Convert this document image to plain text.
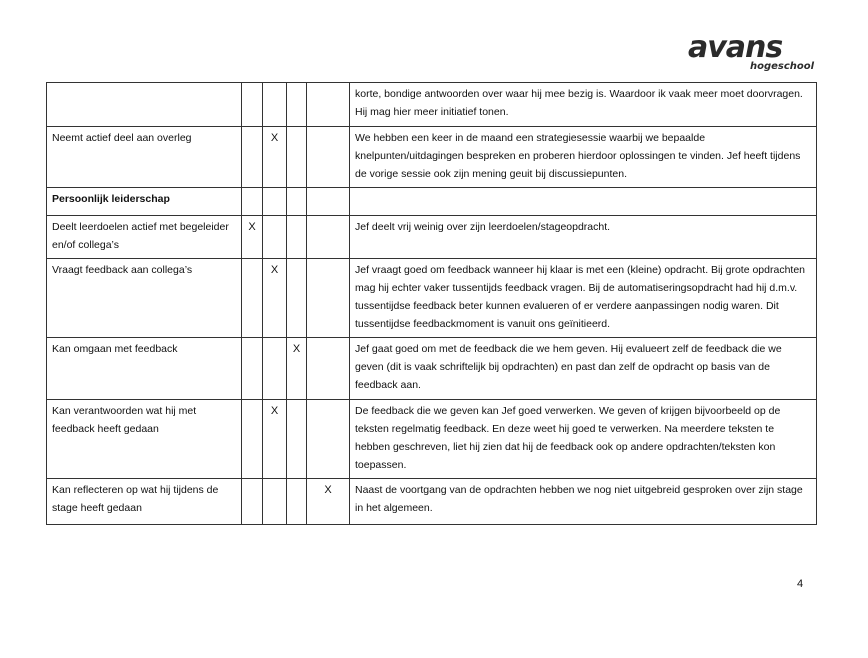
avans
hogeschool
					korte, bondige antwoorden over waar hij mee bezig is. Waardoor ik vaak meer moet doorvragen. Hij mag hier meer initiatief tonen.
Neemt actief deel aan overleg		X			We hebben een keer in de maand een strategiesessie waarbij we bepaalde knelpunten/uitdagingen bespreken en proberen hierdoor oplossingen te vinden. Jef heeft tijdens de vorige sessie ook zijn mening geuit bij discussiepunten.
Persoonlijk leiderschap					
Deelt leerdoelen actief met begeleider en/of collega’s	X				Jef deelt vrij weinig over zijn leerdoelen/stageopdracht.
Vraagt feedback aan collega’s		X			Jef vraagt goed om feedback wanneer hij klaar is met een (kleine) opdracht. Bij grote opdrachten mag hij echter vaker tussentijds feedback vragen. Bij de automatiseringsopdracht had hij d.m.v. tussentijdse feedback beter kunnen evalueren of er verdere aanpassingen nodig waren. Dit tussentijdse feedbackmoment is vanuit ons geïnitieerd.
Kan omgaan met feedback			X		Jef gaat goed om met de feedback die we hem geven. Hij evalueert zelf de feedback die we geven (dit is vaak schriftelijk bij opdrachten) en past dan zelf de opdracht op basis van de feedback aan.
Kan verantwoorden wat hij met feedback heeft gedaan		X			De feedback die we geven kan Jef goed verwerken. We geven of krijgen bijvoorbeeld op de teksten regelmatig feedback. En deze weet hij goed te verwerken. Na meerdere teksten te hebben geschreven, liet hij zien dat hij de feedback ook op andere opdrachten/teksten kon toepassen.
Kan reflecteren op wat hij tijdens de stage heeft gedaan				X	Naast de voortgang van de opdrachten hebben we nog niet uitgebreid gesproken over zijn stage in het algemeen.
4
